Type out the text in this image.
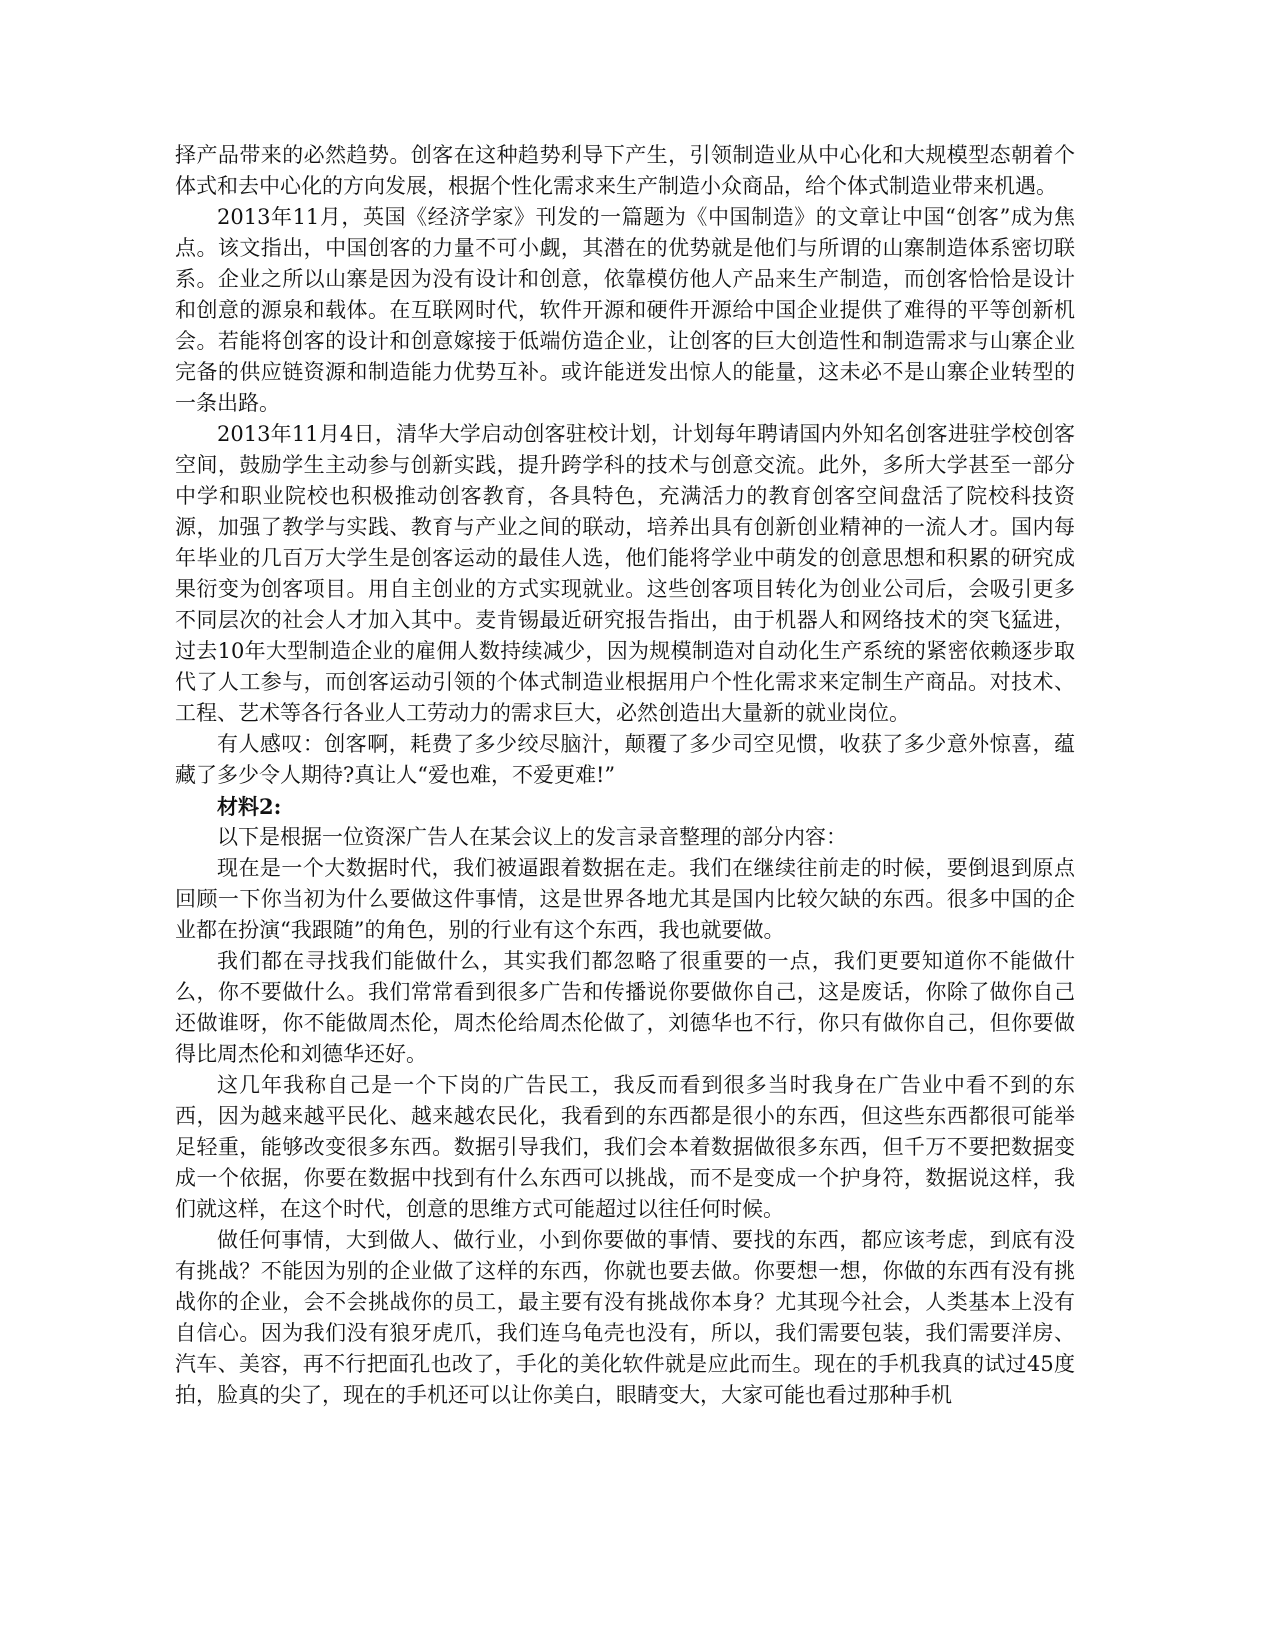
择产品带来的必然趋势。创客在这种趋势利导下产生，引领制造业从中心化和大规模型态朝着个体式和去中心化的方向发展，根据个性化需求来生产制造小众商品，给个体式制造业带来机遇。

2013年11月，英国《经济学家》刊发的一篇题为《中国制造》的文章让中国“创客”成为焦点。该文指出，中国创客的力量不可小觑，其潜在的优势就是他们与所谓的山寨制造体系密切联系。企业之所以山寨是因为没有设计和创意，依靠模仿他人产品来生产制造，而创客恰恰是设计和创意的源泉和载体。在互联网时代，软件开源和硬件开源给中国企业提供了难得的平等创新机会。若能将创客的设计和创意嫁接于低端仿造企业，让创客的巨大创造性和制造需求与山寨企业完备的供应链资源和制造能力优势互补。或许能迸发出惊人的能量，这未必不是山寨企业转型的一条出路。

2013年11月4日，清华大学启动创客驻校计划，计划每年聘请国内外知名创客进驻学校创客空间，鼓励学生主动参与创新实践，提升跨学科的技术与创意交流。此外，多所大学甚至一部分中学和职业院校也积极推动创客教育，各具特色，充满活力的教育创客空间盘活了院校科技资源，加强了教学与实践、教育与产业之间的联动，培养出具有创新创业精神的一流人才。国内每年毕业的几百万大学生是创客运动的最佳人选，他们能将学业中萌发的创意思想和积累的研究成果衍变为创客项目。用自主创业的方式实现就业。这些创客项目转化为创业公司后，会吸引更多不同层次的社会人才加入其中。麦肯锡最近研究报告指出，由于机器人和网络技术的突飞猛进，过去10年大型制造企业的雇佣人数持续减少，因为规模制造对自动化生产系统的紧密依赖逐步取代了人工参与，而创客运动引领的个体式制造业根据用户个性化需求来定制生产商品。对技术、工程、艺术等各行各业人工劳动力的需求巨大，必然创造出大量新的就业岗位。

有人感叹：创客啊，耗费了多少绞尽脑汁，颠覆了多少司空见惯，收获了多少意外惊喜，蕴藏了多少令人期待?真让人“爱也难，不爱更难!”

材料2:

以下是根据一位资深广告人在某会议上的发言录音整理的部分内容：

现在是一个大数据时代，我们被逼跟着数据在走。我们在继续往前走的时候，要倒退到原点回顾一下你当初为什么要做这件事情，这是世界各地尤其是国内比较欠缺的东西。很多中国的企业都在扮演“我跟随”的角色，别的行业有这个东西，我也就要做。

我们都在寻找我们能做什么，其实我们都忽略了很重要的一点，我们更要知道你不能做什么，你不要做什么。我们常常看到很多广告和传播说你要做你自己，这是废话，你除了做你自己还做谁呀，你不能做周杰伦，周杰伦给周杰伦做了，刘德华也不行，你只有做你自己，但你要做得比周杰伦和刘德华还好。

这几年我称自己是一个下岗的广告民工，我反而看到很多当时我身在广告业中看不到的东西，因为越来越平民化、越来越农民化，我看到的东西都是很小的东西，但这些东西都很可能举足轻重，能够改变很多东西。数据引导我们，我们会本着数据做很多东西，但千万不要把数据变成一个依据，你要在数据中找到有什么东西可以挑战，而不是变成一个护身符，数据说这样，我们就这样，在这个时代，创意的思维方式可能超过以往任何时候。

做任何事情，大到做人、做行业，小到你要做的事情、要找的东西，都应该考虑，到底有没有挑战？不能因为别的企业做了这样的东西，你就也要去做。你要想一想，你做的东西有没有挑战你的企业，会不会挑战你的员工，最主要有没有挑战你本身？尤其现今社会，人类基本上没有自信心。因为我们没有狼牙虎爪，我们连乌龟壳也没有，所以，我们需要包装，我们需要洋房、汽车、美容，再不行把面孔也改了，手化的美化软件就是应此而生。现在的手机我真的试过45度拍，脸真的尖了，现在的手机还可以让你美白，眼睛变大，大家可能也看过那种手机
